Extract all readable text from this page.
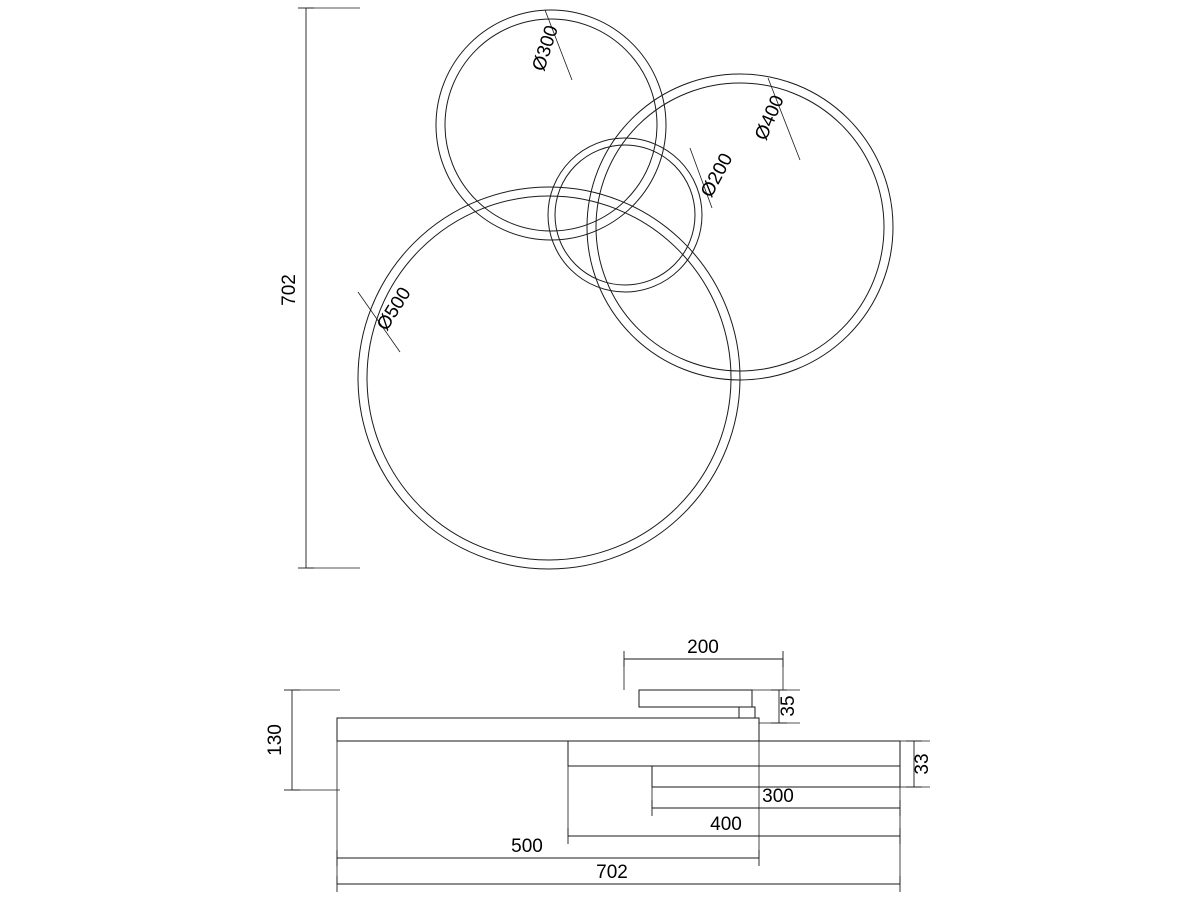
Ø300
Ø400
Ø200
Ø500
702
200
35
130
33
300
400
500
702
